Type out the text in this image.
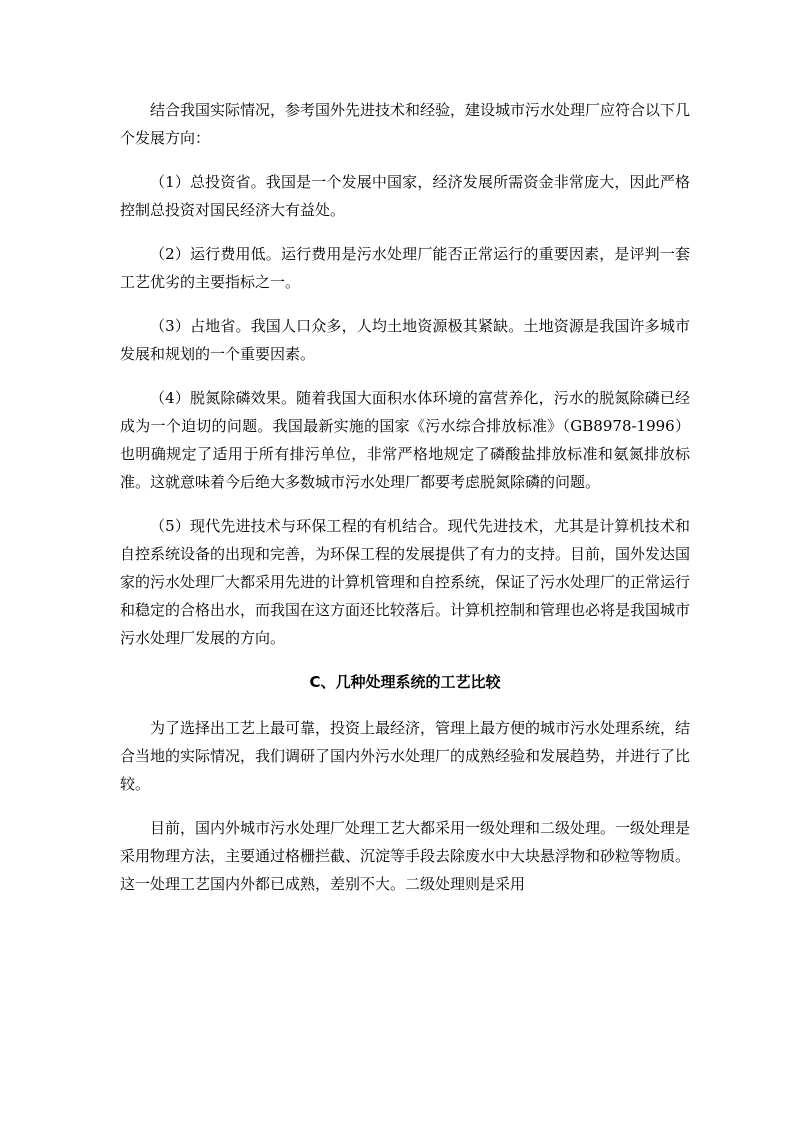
结合我国实际情况，参考国外先进技术和经验，建设城市污水处理厂应符合以下几个发展方向：

（1）总投资省。我国是一个发展中国家，经济发展所需资金非常庞大，因此严格控制总投资对国民经济大有益处。

（2）运行费用低。运行费用是污水处理厂能否正常运行的重要因素，是评判一套工艺优劣的主要指标之一。

（3）占地省。我国人口众多，人均土地资源极其紧缺。土地资源是我国许多城市发展和规划的一个重要因素。

（4）脱氮除磷效果。随着我国大面积水体环境的富营养化，污水的脱氮除磷已经成为一个迫切的问题。我国最新实施的国家《污水综合排放标准》（GB8978-1996）也明确规定了适用于所有排污单位，非常严格地规定了磷酸盐排放标准和氨氮排放标准。这就意味着今后绝大多数城市污水处理厂都要考虑脱氮除磷的问题。

（5）现代先进技术与环保工程的有机结合。现代先进技术，尤其是计算机技术和自控系统设备的出现和完善，为环保工程的发展提供了有力的支持。目前，国外发达国家的污水处理厂大都采用先进的计算机管理和自控系统，保证了污水处理厂的正常运行和稳定的合格出水，而我国在这方面还比较落后。计算机控制和管理也必将是我国城市污水处理厂发展的方向。

C、几种处理系统的工艺比较

为了选择出工艺上最可靠，投资上最经济，管理上最方便的城市污水处理系统，结合当地的实际情况，我们调研了国内外污水处理厂的成熟经验和发展趋势，并进行了比较。

目前，国内外城市污水处理厂处理工艺大都采用一级处理和二级处理。一级处理是采用物理方法，主要通过格栅拦截、沉淀等手段去除废水中大块悬浮物和砂粒等物质。这一处理工艺国内外都已成熟，差别不大。二级处理则是采用
